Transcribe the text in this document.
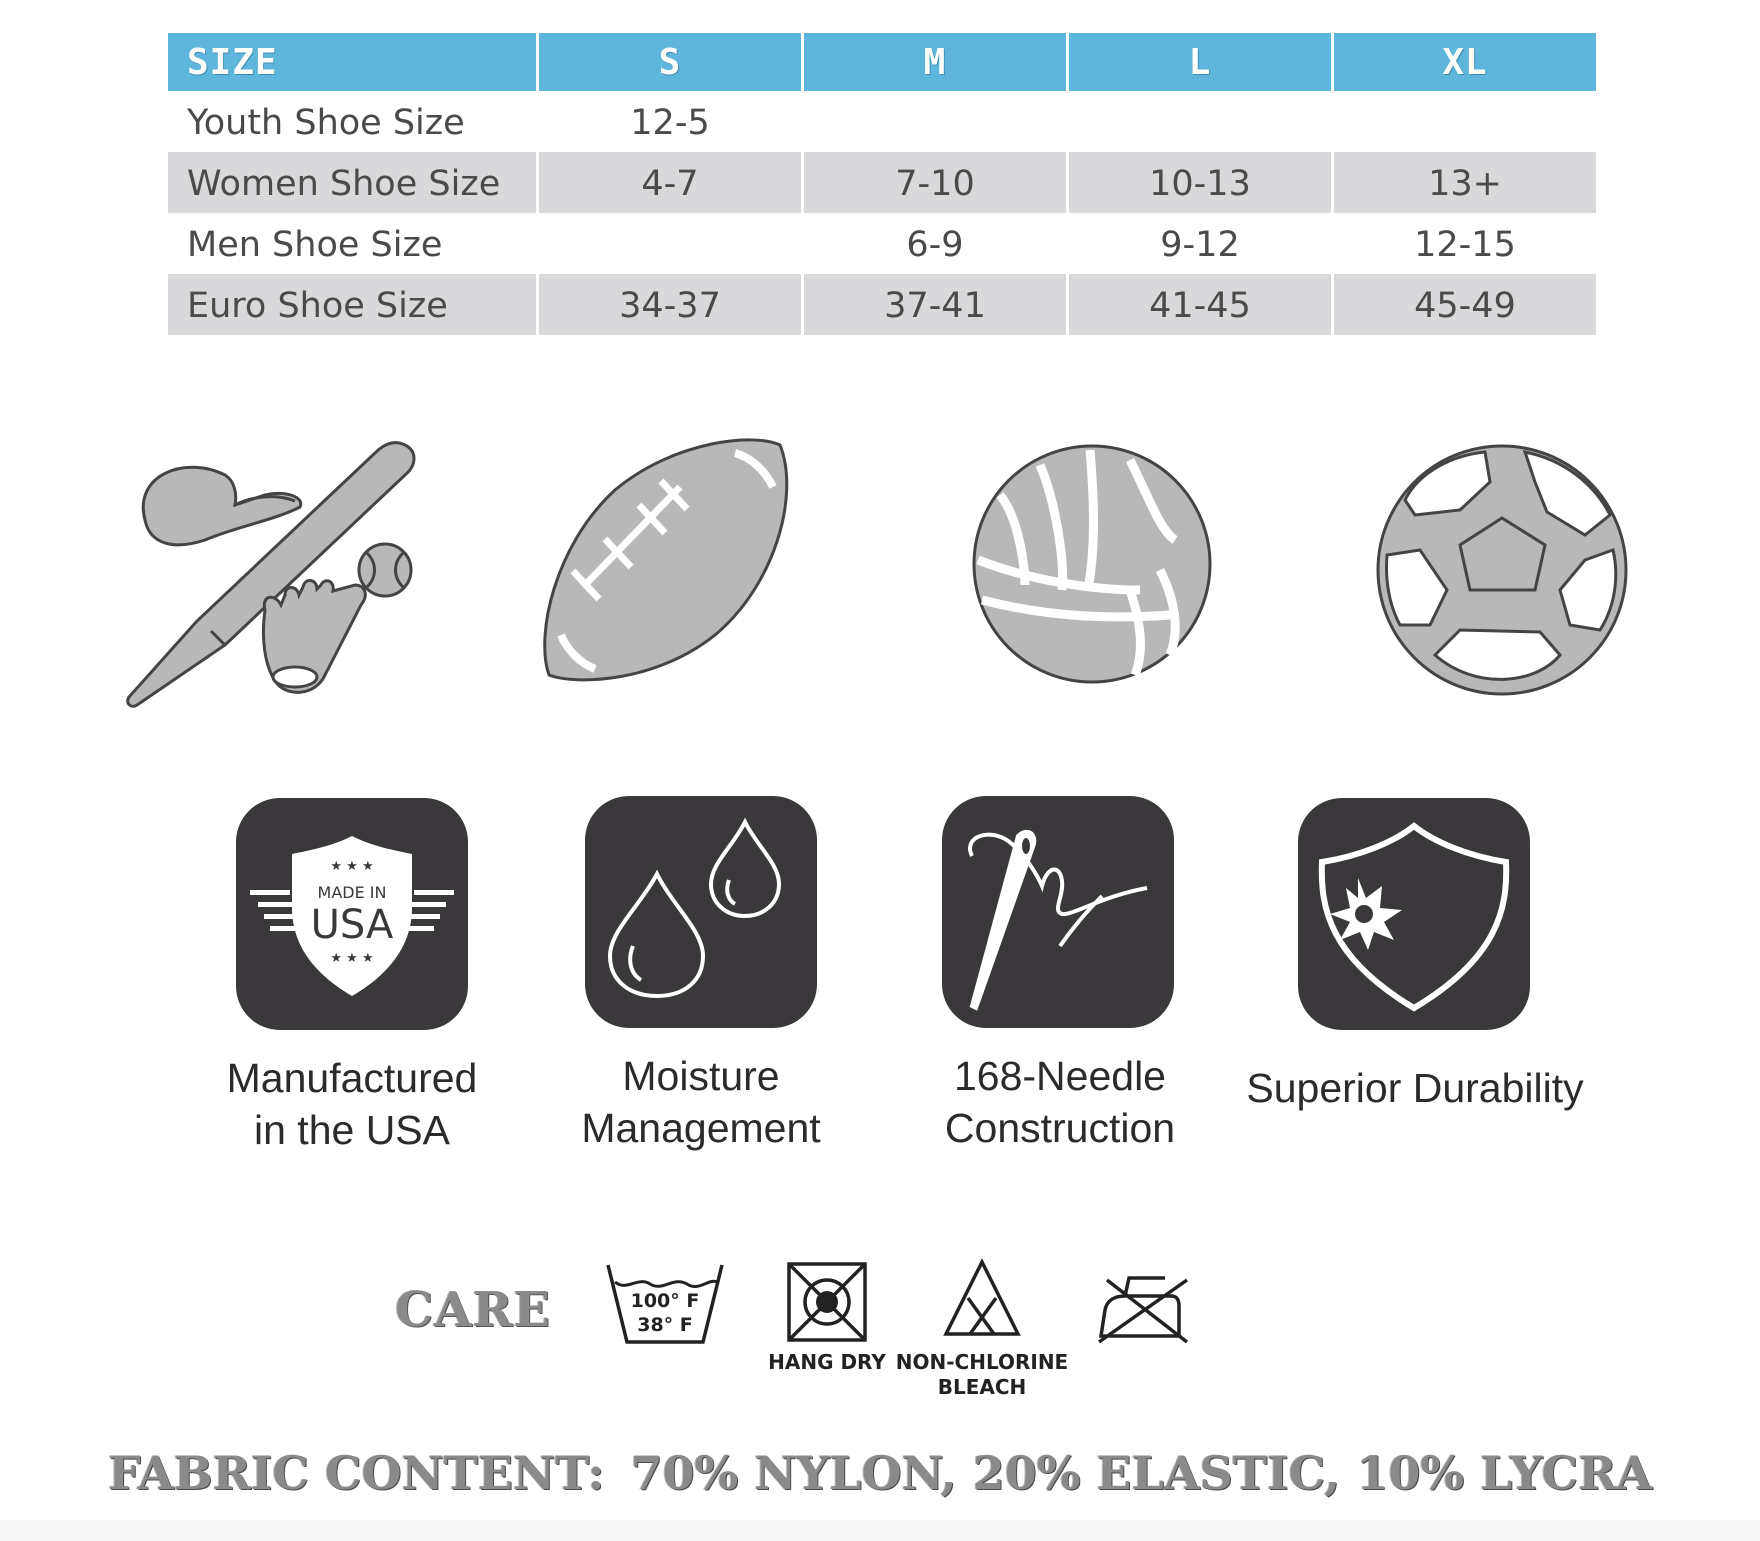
SIZE	S	M	L	XL
Youth Shoe Size	12-5			
Women Shoe Size	4-7	7-10	10-13	13+
Men Shoe Size		6-9	9-12	12-15
Euro Shoe Size	34-37	37-41	41-45	45-49
★ ★ ★
MADE IN
USA
★ ★ ★
Manufactured
in the USA
Moisture
Management
168-Needle
Construction
Superior Durability
CARE	100° F
38° F
HANG DRY NON-CHLORINE
BLEACH
FABRIC CONTENT: 70% NYLON, 20% ELASTIC, 10% LYCRA
